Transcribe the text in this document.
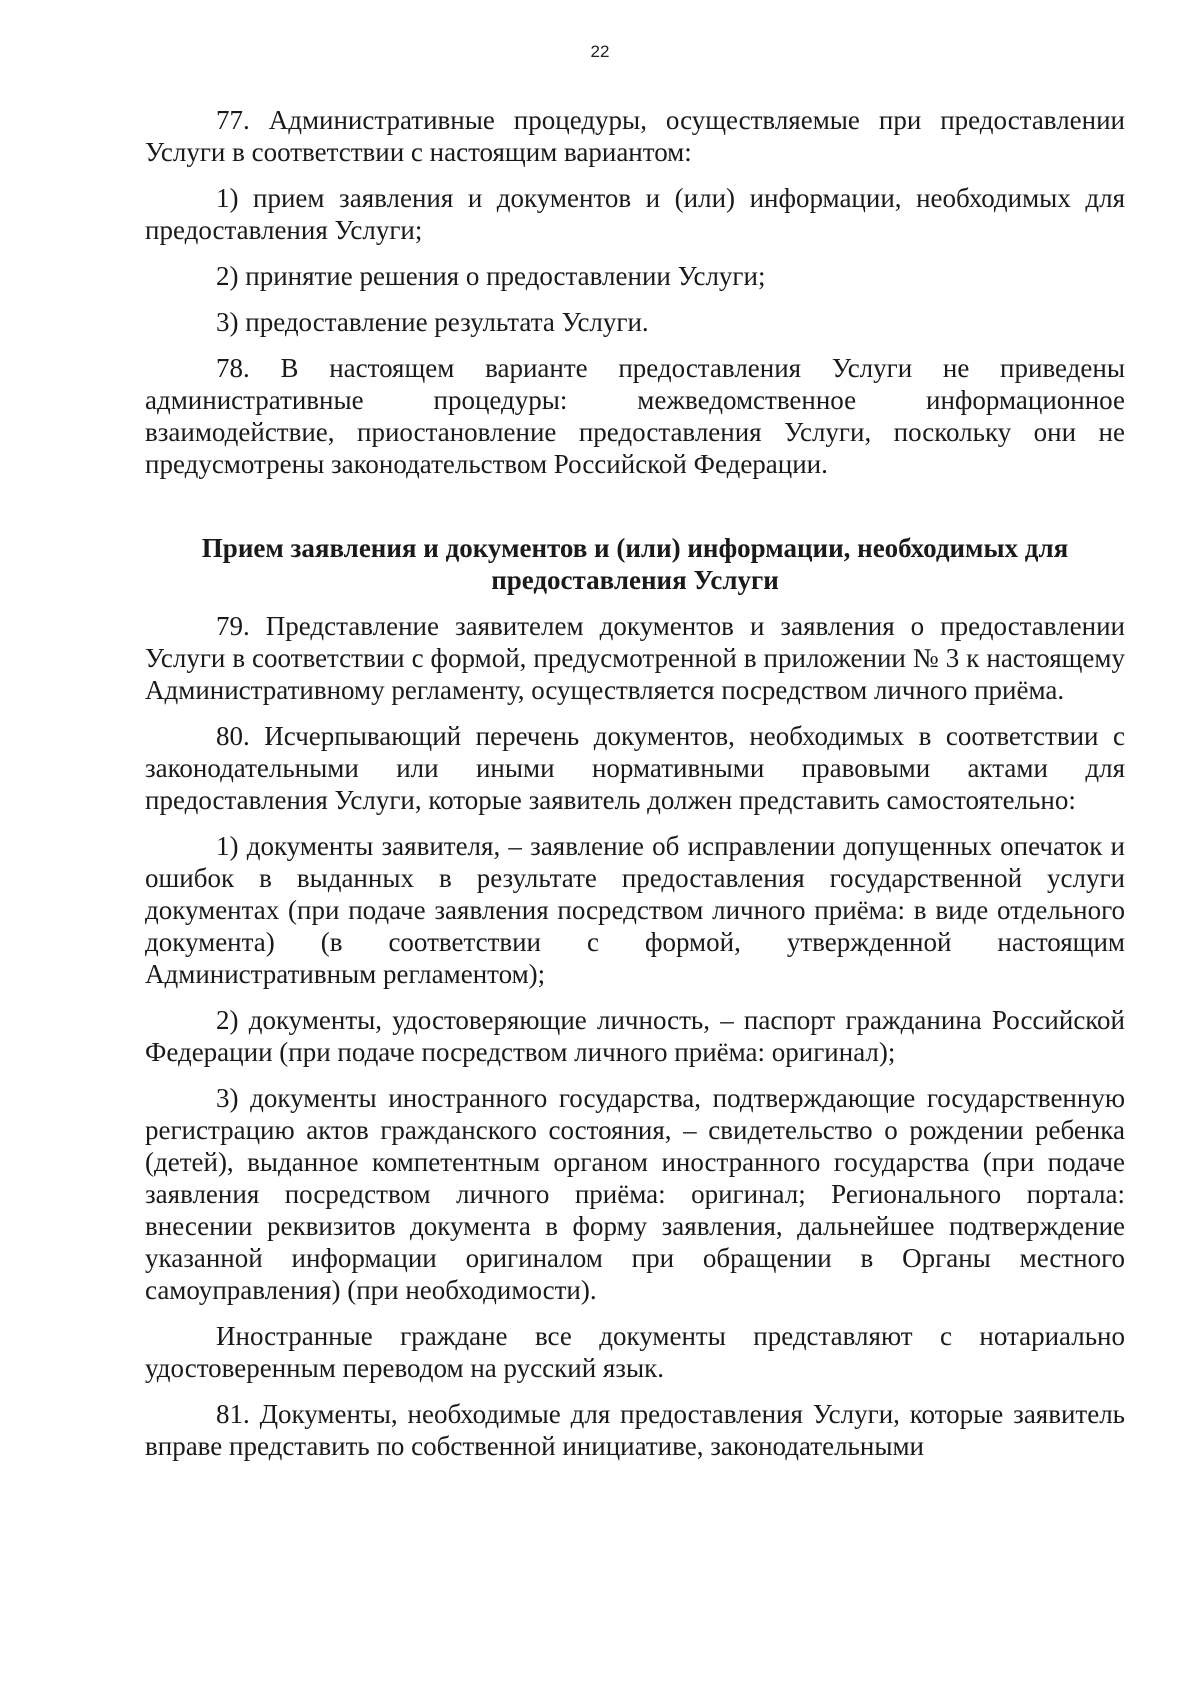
22

77. Административные процедуры, осуществляемые при предоставлении Услуги в соответствии с настоящим вариантом:

1) прием заявления и документов и (или) информации, необходимых для предоставления Услуги;

2) принятие решения о предоставлении Услуги;

3) предоставление результата Услуги.

78. В настоящем варианте предоставления Услуги не приведены административные процедуры: межведомственное информационное взаимодействие, приостановление предоставления Услуги, поскольку они не предусмотрены законодательством Российской Федерации.

Прием заявления и документов и (или) информации, необходимых для предоставления Услуги

79. Представление заявителем документов и заявления о предоставлении Услуги в соответствии с формой, предусмотренной в приложении № 3 к настоящему Административному регламенту, осуществляется посредством личного приёма.

80. Исчерпывающий перечень документов, необходимых в соответствии с законодательными или иными нормативными правовыми актами для предоставления Услуги, которые заявитель должен представить самостоятельно:

1) документы заявителя, – заявление об исправлении допущенных опечаток и ошибок в выданных в результате предоставления государственной услуги документах (при подаче заявления посредством личного приёма: в виде отдельного документа) (в соответствии с формой, утвержденной настоящим Административным регламентом);

2) документы, удостоверяющие личность, – паспорт гражданина Российской Федерации (при подаче посредством личного приёма: оригинал);

3) документы иностранного государства, подтверждающие государственную регистрацию актов гражданского состояния, – свидетельство о рождении ребенка (детей), выданное компетентным органом иностранного государства (при подаче заявления посредством личного приёма: оригинал; Регионального портала: внесении реквизитов документа в форму заявления, дальнейшее подтверждение указанной информации оригиналом при обращении в Органы местного самоуправления) (при необходимости).

Иностранные граждане все документы представляют с нотариально удостоверенным переводом на русский язык.

81. Документы, необходимые для предоставления Услуги, которые заявитель вправе представить по собственной инициативе, законодательными
